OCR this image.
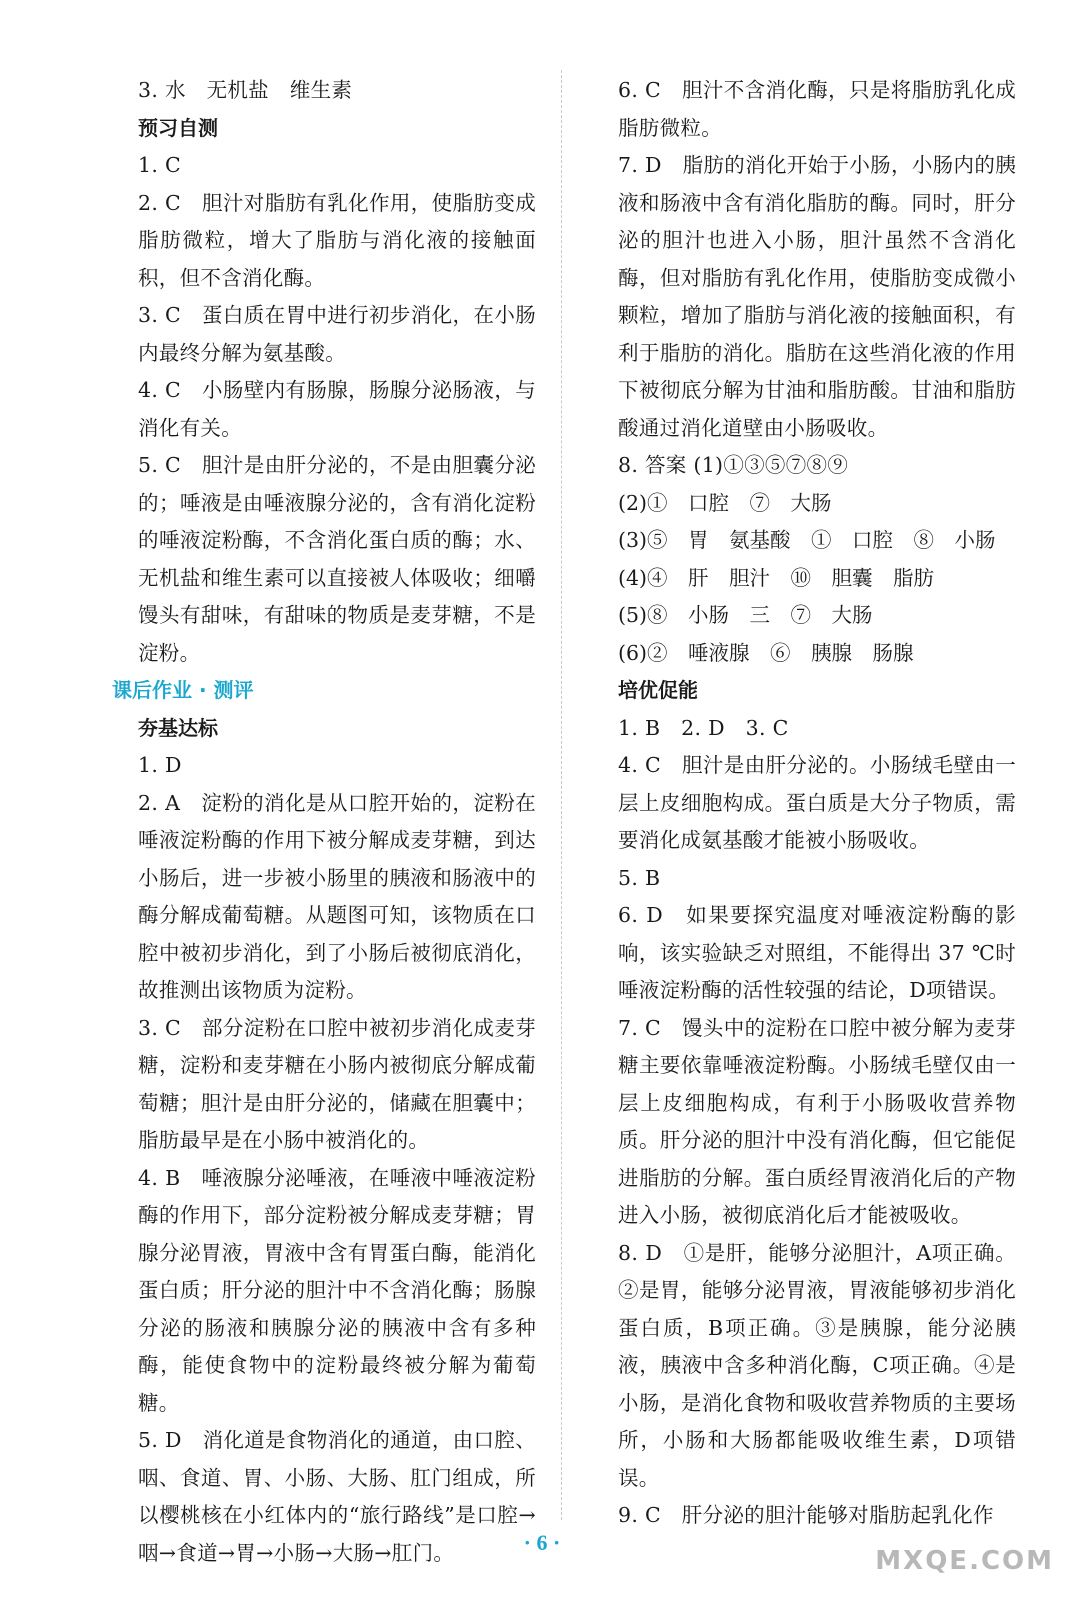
3. 水　无机盐　维生素

预习自测

1. C

2. C　胆汁对脂肪有乳化作用，使脂肪变成脂肪微粒，增大了脂肪与消化液的接触面积，但不含消化酶。

3. C　蛋白质在胃中进行初步消化，在小肠内最终分解为氨基酸。

4. C　小肠壁内有肠腺，肠腺分泌肠液，与消化有关。

5. C　胆汁是由肝分泌的，不是由胆囊分泌的；唾液是由唾液腺分泌的，含有消化淀粉的唾液淀粉酶，不含消化蛋白质的酶；水、无机盐和维生素可以直接被人体吸收；细嚼馒头有甜味，有甜味的物质是麦芽糖，不是淀粉。

课后作业 · 测评

夯基达标

1. D

2. A　淀粉的消化是从口腔开始的，淀粉在唾液淀粉酶的作用下被分解成麦芽糖，到达小肠后，进一步被小肠里的胰液和肠液中的酶分解成葡萄糖。从题图可知，该物质在口腔中被初步消化，到了小肠后被彻底消化，故推测出该物质为淀粉。

3. C　部分淀粉在口腔中被初步消化成麦芽糖，淀粉和麦芽糖在小肠内被彻底分解成葡萄糖；胆汁是由肝分泌的，储藏在胆囊中；脂肪最早是在小肠中被消化的。

4. B　唾液腺分泌唾液，在唾液中唾液淀粉酶的作用下，部分淀粉被分解成麦芽糖；胃腺分泌胃液，胃液中含有胃蛋白酶，能消化蛋白质；肝分泌的胆汁中不含消化酶；肠腺分泌的肠液和胰腺分泌的胰液中含有多种酶，能使食物中的淀粉最终被分解为葡萄糖。

5. D　消化道是食物消化的通道，由口腔、咽、食道、胃、小肠、大肠、肛门组成，所以樱桃核在小红体内的“旅行路线”是口腔→咽→食道→胃→小肠→大肠→肛门。

6. C　胆汁不含消化酶，只是将脂肪乳化成脂肪微粒。

7. D　脂肪的消化开始于小肠，小肠内的胰液和肠液中含有消化脂肪的酶。同时，肝分泌的胆汁也进入小肠，胆汁虽然不含消化酶，但对脂肪有乳化作用，使脂肪变成微小颗粒，增加了脂肪与消化液的接触面积，有利于脂肪的消化。脂肪在这些消化液的作用下被彻底分解为甘油和脂肪酸。甘油和脂肪酸通过消化道壁由小肠吸收。

8. 答案 (1)①③⑤⑦⑧⑨

(2)①　口腔　⑦　大肠
(3)⑤　胃　氨基酸　①　口腔　⑧　小肠
(4)④　肝　胆汁　⑩　胆囊　脂肪
(5)⑧　小肠　三　⑦　大肠
(6)②　唾液腺　⑥　胰腺　肠腺

培优促能

1. B　2. D　3. C

4. C　胆汁是由肝分泌的。小肠绒毛壁由一层上皮细胞构成。蛋白质是大分子物质，需要消化成氨基酸才能被小肠吸收。

5. B

6. D　如果要探究温度对唾液淀粉酶的影响，该实验缺乏对照组，不能得出 37 ℃时唾液淀粉酶的活性较强的结论，D项错误。

7. C　馒头中的淀粉在口腔中被分解为麦芽糖主要依靠唾液淀粉酶。小肠绒毛壁仅由一层上皮细胞构成，有利于小肠吸收营养物质。肝分泌的胆汁中没有消化酶，但它能促进脂肪的分解。蛋白质经胃液消化后的产物进入小肠，被彻底消化后才能被吸收。

8. D　①是肝，能够分泌胆汁，A项正确。②是胃，能够分泌胃液，胃液能够初步消化蛋白质，B项正确。③是胰腺，能分泌胰液，胰液中含多种消化酶，C项正确。④是小肠，是消化食物和吸收营养物质的主要场所，小肠和大肠都能吸收维生素，D项错误。

9. C　肝分泌的胆汁能够对脂肪起乳化作

· 6 ·
MXQE.COM
